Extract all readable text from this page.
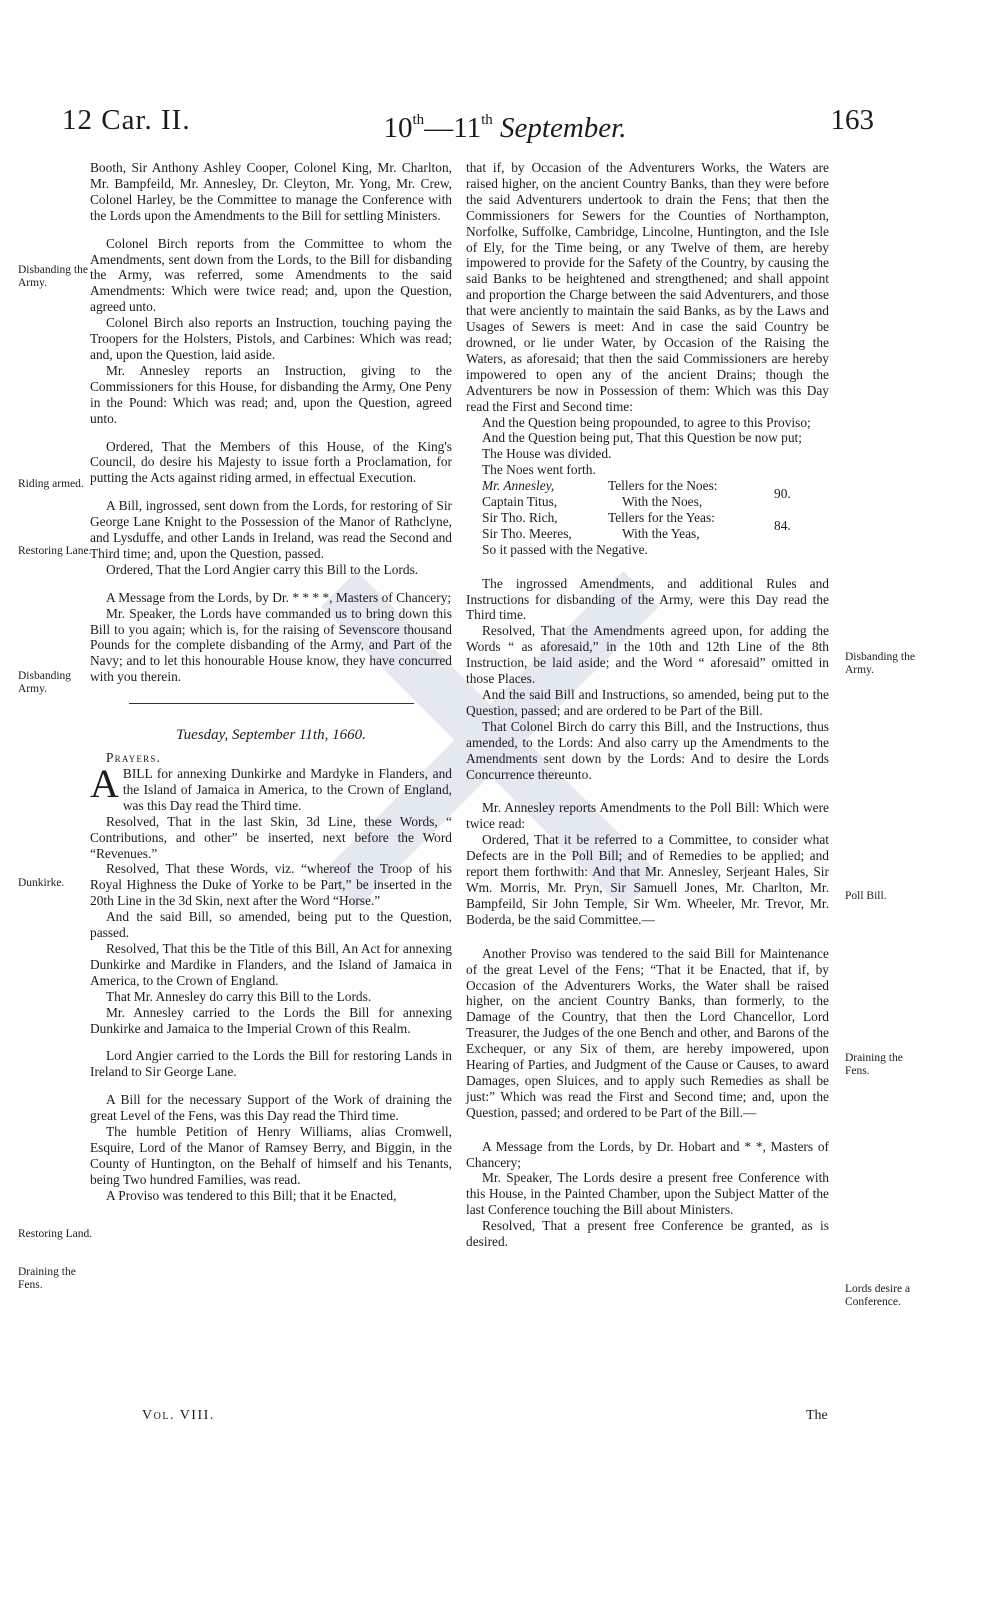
12 Car. II.	10th—11th September.	163
Disbanding the Army.
Riding armed.
Restoring Lane.
Disbanding Army.
Dunkirke.
Restoring Land.
Draining the Fens.
Disbanding the Army.
Poll Bill.
Draining the Fens.
Lords desire a Conference.

Booth, Sir Anthony Ashley Cooper, Colonel King, Mr. Charlton, Mr. Bampfeild, Mr. Annesley, Dr. Cleyton, Mr. Yong, Mr. Crew, Colonel Harley, be the Committee to manage the Conference with the Lords upon the Amendments to the Bill for settling Ministers.

Colonel Birch reports from the Committee to whom the Amendments, sent down from the Lords, to the Bill for disbanding the Army, was referred, some Amendments to the said Amendments: Which were twice read; and, upon the Question, agreed unto.

Colonel Birch also reports an Instruction, touching paying the Troopers for the Holsters, Pistols, and Carbines: Which was read; and, upon the Question, laid aside.

Mr. Annesley reports an Instruction, giving to the Commissioners for this House, for disbanding the Army, One Peny in the Pound: Which was read; and, upon the Question, agreed unto.

Ordered, That the Members of this House, of the King's Council, do desire his Majesty to issue forth a Proclamation, for putting the Acts against riding armed, in effectual Execution.

A Bill, ingrossed, sent down from the Lords, for restoring of Sir George Lane Knight to the Possession of the Manor of Rathclyne, and Lysduffe, and other Lands in Ireland, was read the Second and Third time; and, upon the Question, passed.

Ordered, That the Lord Angier carry this Bill to the Lords.

A Message from the Lords, by Dr. * * * *, Masters of Chancery;

Mr. Speaker, the Lords have commanded us to bring down this Bill to you again; which is, for the raising of Sevenscore thousand Pounds for the complete disbanding of the Army, and Part of the Navy; and to let this honourable House know, they have concurred with you therein.

Tuesday, September 11th, 1660.

Prayers.

ABILL for annexing Dunkirke and Mardyke in Flanders, and the Island of Jamaica in America, to the Crown of England, was this Day read the Third time.

Resolved, That in the last Skin, 3d Line, these Words, “ Contributions, and other” be inserted, next before the Word “Revenues.”

Resolved, That these Words, viz. “whereof the Troop of his Royal Highness the Duke of Yorke to be Part,” be inserted in the 20th Line in the 3d Skin, next after the Word “Horse.”

And the said Bill, so amended, being put to the Question, passed.

Resolved, That this be the Title of this Bill, An Act for annexing Dunkirke and Mardike in Flanders, and the Island of Jamaica in America, to the Crown of England.

That Mr. Annesley do carry this Bill to the Lords.

Mr. Annesley carried to the Lords the Bill for annexing Dunkirke and Jamaica to the Imperial Crown of this Realm.

Lord Angier carried to the Lords the Bill for restoring Lands in Ireland to Sir George Lane.

A Bill for the necessary Support of the Work of draining the great Level of the Fens, was this Day read the Third time.

The humble Petition of Henry Williams, alias Cromwell, Esquire, Lord of the Manor of Ramsey Berry, and Biggin, in the County of Huntington, on the Behalf of himself and his Tenants, being Two hundred Families, was read.

A Proviso was tendered to this Bill; that it be Enacted,

that if, by Occasion of the Adventurers Works, the Waters are raised higher, on the ancient Country Banks, than they were before the said Adventurers undertook to drain the Fens; that then the Commissioners for Sewers for the Counties of Northampton, Norfolke, Suffolke, Cambridge, Lincolne, Huntington, and the Isle of Ely, for the Time being, or any Twelve of them, are hereby impowered to provide for the Safety of the Country, by causing the said Banks to be heightened and strengthened; and shall appoint and proportion the Charge between the said Adventurers, and those that were anciently to maintain the said Banks, as by the Laws and Usages of Sewers is meet: And in case the said Country be drowned, or lie under Water, by Occasion of the Raising the Waters, as aforesaid; that then the said Commissioners are hereby impowered to open any of the ancient Drains; though the Adventurers be now in Possession of them: Which was this Day read the First and Second time:

And the Question being propounded, to agree to this Proviso;

And the Question being put, That this Question be now put;

The House was divided.

The Noes went forth.

Mr. Annesley,	Tellers for the Noes:	90.
Captain Titus,	With the Noes,	
Sir Tho. Rich,	Tellers for the Yeas:	84.
Sir Tho. Meeres,	With the Yeas,	

So it passed with the Negative.

The ingrossed Amendments, and additional Rules and Instructions for disbanding of the Army, were this Day read the Third time.

Resolved, That the Amendments agreed upon, for adding the Words “ as aforesaid,” in the 10th and 12th Line of the 8th Instruction, be laid aside; and the Word “ aforesaid” omitted in those Places.

And the said Bill and Instructions, so amended, being put to the Question, passed; and are ordered to be Part of the Bill.

That Colonel Birch do carry this Bill, and the Instructions, thus amended, to the Lords: And also carry up the Amendments to the Amendments sent down by the Lords: And to desire the Lords Concurrence thereunto.

Mr. Annesley reports Amendments to the Poll Bill: Which were twice read:

Ordered, That it be referred to a Committee, to consider what Defects are in the Poll Bill; and of Remedies to be applied; and report them forthwith: And that Mr. Annesley, Serjeant Hales, Sir Wm. Morris, Mr. Pryn, Sir Samuell Jones, Mr. Charlton, Mr. Bampfeild, Sir John Temple, Sir Wm. Wheeler, Mr. Trevor, Mr. Boderda, be the said Committee.—

Another Proviso was tendered to the said Bill for Maintenance of the great Level of the Fens; “That it be Enacted, that if, by Occasion of the Adventurers Works, the Water shall be raised higher, on the ancient Country Banks, than formerly, to the Damage of the Country, that then the Lord Chancellor, Lord Treasurer, the Judges of the one Bench and other, and Barons of the Exchequer, or any Six of them, are hereby impowered, upon Hearing of Parties, and Judgment of the Cause or Causes, to award Damages, open Sluices, and to apply such Remedies as shall be just:” Which was read the First and Second time; and, upon the Question, passed; and ordered to be Part of the Bill.—

A Message from the Lords, by Dr. Hobart and * *, Masters of Chancery;

Mr. Speaker, The Lords desire a present free Conference with this House, in the Painted Chamber, upon the Subject Matter of the last Conference touching the Bill about Ministers.

Resolved, That a present free Conference be granted, as is desired.

Vol. VIII.	The
